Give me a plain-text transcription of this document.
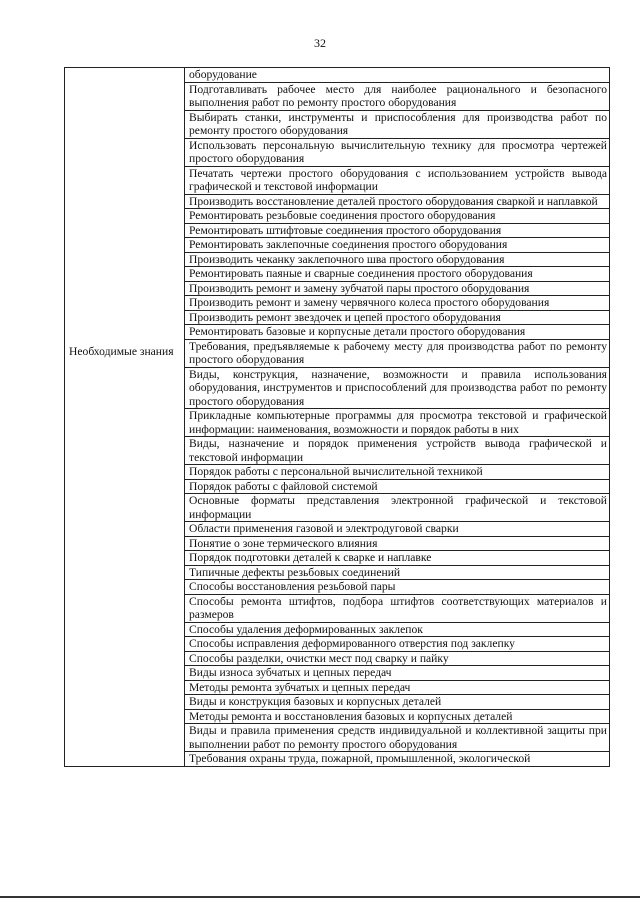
32
	оборудование
	Подготавливать рабочее место для наиболее рационального и безопасного выполнения работ по ремонту простого оборудования
	Выбирать станки, инструменты и приспособления для производства работ по ремонту простого оборудования
	Использовать персональную вычислительную технику для просмотра чертежей простого оборудования
	Печатать чертежи простого оборудования с использованием устройств вывода графической и текстовой информации
	Производить восстановление деталей простого оборудования сваркой и наплавкой
	Ремонтировать резьбовые соединения простого оборудования
	Ремонтировать штифтовые соединения простого оборудования
	Ремонтировать заклепочные соединения простого оборудования
	Производить чеканку заклепочного шва простого оборудования
	Ремонтировать паяные и сварные соединения простого оборудования
	Производить ремонт и замену зубчатой пары простого оборудования
	Производить ремонт и замену червячного колеса простого оборудования
	Производить ремонт звездочек и цепей простого оборудования
	Ремонтировать базовые и корпусные детали простого оборудования
Необходимые знания	Требования, предъявляемые к рабочему месту для производства работ по ремонту простого оборудования
	Виды, конструкция, назначение, возможности и правила использования оборудования, инструментов и приспособлений для производства работ по ремонту простого оборудования
	Прикладные компьютерные программы для просмотра текстовой и графической информации: наименования, возможности и порядок работы в них
	Виды, назначение и порядок применения устройств вывода графической и текстовой информации
	Порядок работы с персональной вычислительной техникой
	Порядок работы с файловой системой
	Основные форматы представления электронной графической и текстовой информации
	Области применения газовой и электродуговой сварки
	Понятие о зоне термического влияния
	Порядок подготовки деталей к сварке и наплавке
	Типичные дефекты резьбовых соединений
	Способы восстановления резьбовой пары
	Способы ремонта штифтов, подбора штифтов соответствующих материалов и размеров
	Способы удаления деформированных заклепок
	Способы исправления деформированного отверстия под заклепку
	Способы разделки, очистки мест под сварку и пайку
	Виды износа зубчатых и цепных передач
	Методы ремонта зубчатых и цепных передач
	Виды и конструкция базовых и корпусных деталей
	Методы ремонта и восстановления базовых и корпусных деталей
	Виды и правила применения средств индивидуальной и коллективной защиты при выполнении работ по ремонту простого оборудования
	Требования охраны труда, пожарной, промышленной, экологической
